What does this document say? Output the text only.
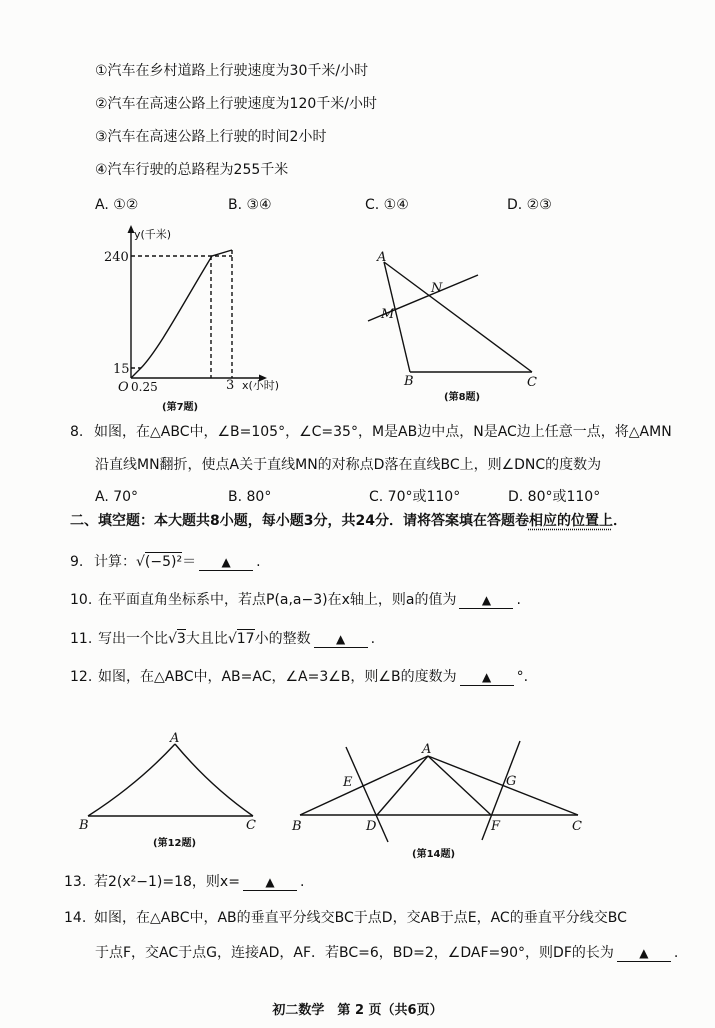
①汽车在乡村道路上行驶速度为30千米/小时
②汽车在高速公路上行驶速度为120千米/小时
③汽车在高速公路上行驶的时间2小时
④汽车行驶的总路程为255千米
A. ①②	B. ③④	C. ①④	D. ②③
y(千米)
240
15
O 0.25	3 x(小时)
(第7题)
A
M
N
B	C
(第8题)
8. 如图，在△ABC中，∠B=105°，∠C=35°，M是AB边中点，N是AC边上任意一点，将△AMN
沿直线MN翻折，使点A关于直线MN的对称点D落在直线BC上，则∠DNC的度数为
A. 70°	B. 80°	C. 70°或110°	D. 80°或110°
二、填空题：本大题共8小题，每小题3分，共24分．请将答案填在答题卷相应的位置上．
9. 计算：√(−5)²＝ ▲ .
10. 在平面直角坐标系中，若点P(a,a−3)在x轴上，则a的值为 ▲ .
11. 写出一个比√3大且比√17小的整数 ▲ .
12. 如图，在△ABC中，AB=AC，∠A=3∠B，则∠B的度数为 ▲ °.
A
B	C
(第12题)
A
E	G
B	D	F	C
(第14题)
13. 若2(x²−1)=18，则x= ▲ .
14. 如图，在△ABC中，AB的垂直平分线交BC于点D，交AB于点E，AC的垂直平分线交BC
于点F，交AC于点G，连接AD，AF．若BC=6，BD=2，∠DAF=90°，则DF的长为 ▲ .
初二数学　第 2 页（共6页）
